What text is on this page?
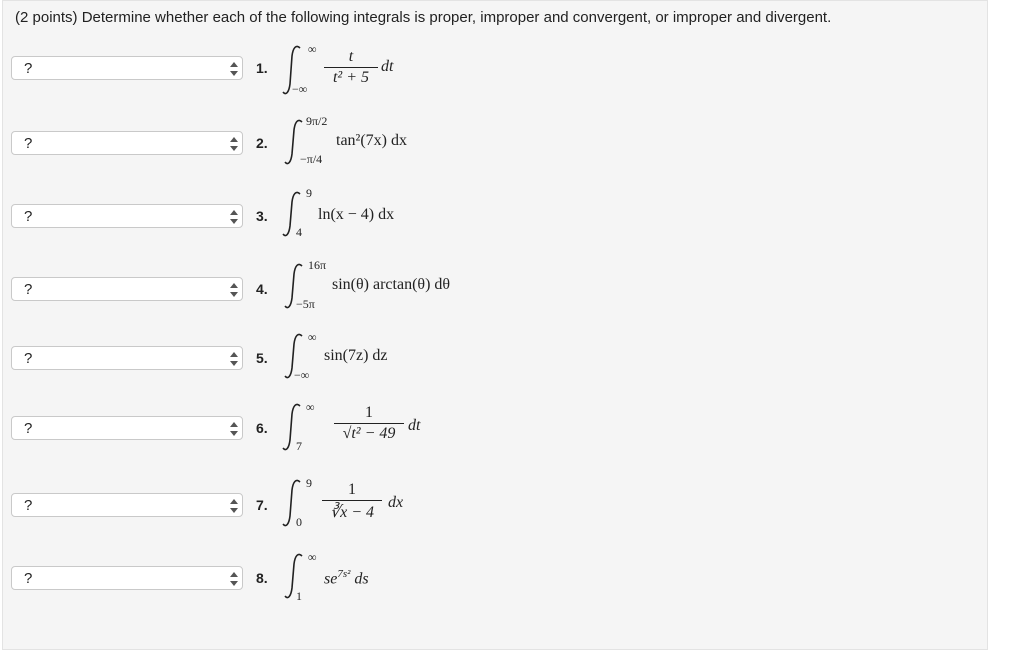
(2 points) Determine whether each of the following integrals is proper, improper and convergent, or improper and divergent.
?	1.
∞
−∞
t
t² + 5
dt
?	2.
9π/2
−π/4
tan²(7x) dx
?	3.
9
4
ln(x − 4) dx
?	4.
16π
−5π
sin(θ) arctan(θ) dθ
?	5.
∞
−∞
sin(7z) dz
?	6.
∞
7
1
√t² − 49 dt
?	7.
9
0
1
∛x − 4
dx
?	8.
∞
1
$se^{7s^2}$ ds
